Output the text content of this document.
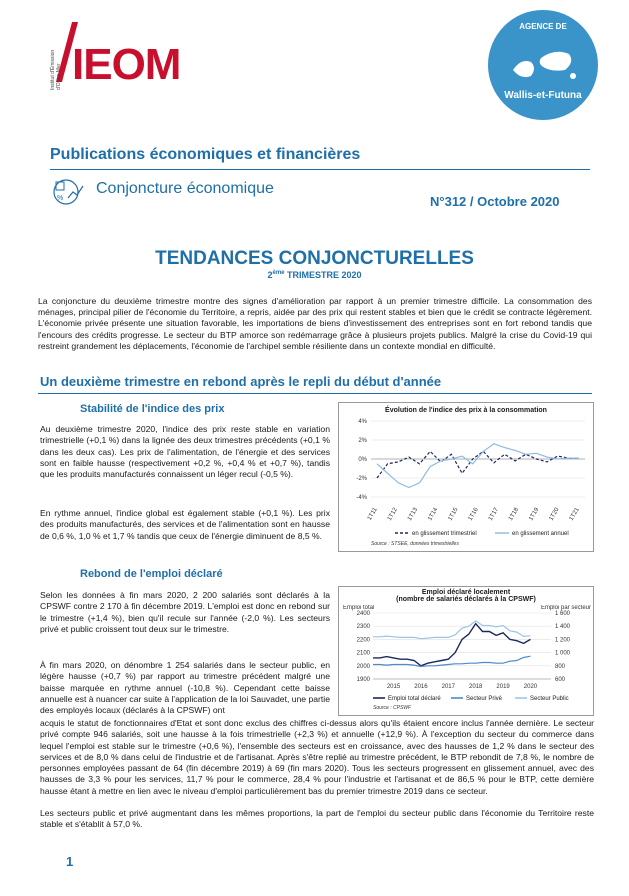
Institut d'Émission d'Outre-Mer IEOM
AGENCE DE
Wallis-et-Futuna
Publications économiques et financières
%
Conjoncture économique
N°312 / Octobre 2020
TENDANCES CONJONCTURELLES
2ème TRIMESTRE 2020
La conjoncture du deuxième trimestre montre des signes d'amélioration par rapport à un premier trimestre difficile. La consommation des ménages, principal pilier de l'économie du Territoire, a repris, aidée par des prix qui restent stables et bien que le crédit se contracte légèrement. L'économie privée présente une situation favorable, les importations de biens d'investissement des entreprises sont en fort rebond tandis que l'encours des crédits progresse. Le secteur du BTP amorce son redémarrage grâce à plusieurs projets publics. Malgré la crise du Covid-19 qui restreint grandement les déplacements, l'économie de l'archipel semble résiliente dans un contexte mondial en difficulté.
Un deuxième trimestre en rebond après le repli du début d'année
Stabilité de l'indice des prix
Au deuxième trimestre 2020, l'indice des prix reste stable en variation trimestrielle (+0,1 %) dans la lignée des deux trimestres précédents (+0,1 % dans les deux cas). Les prix de l'alimentation, de l'énergie et des services sont en faible hausse (respectivement +0,2 %, +0,4 % et +0,7 %), tandis que les produits manufacturés connaissent un léger recul (-0,5 %).
En rythme annuel, l'indice global est également stable (+0,1 %). Les prix des produits manufacturés, des services et de l'alimentation sont en hausse de 0,6 %, 1,0 % et 1,7 % tandis que ceux de l'énergie diminuent de 8,5 %.
Rebond de l'emploi déclaré
Selon les données à fin mars 2020, 2 200 salariés sont déclarés à la CPSWF contre 2 170 à fin décembre 2019. L'emploi est donc en rebond sur le trimestre (+1,4 %), bien qu'il recule sur l'année (-2,0 %). Les secteurs privé et public croissent tout deux sur le trimestre.
À fin mars 2020, on dénombre 1 254 salariés dans le secteur public, en légère hausse (+0,7 %) par rapport au trimestre précédent malgré une baisse marquée en rythme annuel (-10,8 %). Cependant cette baisse annuelle est à nuancer car suite à l'application de la loi Sauvadet, une partie des employés locaux (déclarés à la CPSWF) ont
acquis le statut de fonctionnaires d'Etat et sont donc exclus des chiffres ci-dessus alors qu'ils étaient encore inclus l'année dernière. Le secteur privé compte 946 salariés, soit une hausse à la fois trimestrielle (+2,3 %) et annuelle (+12,9 %). À l'exception du secteur du commerce dans lequel l'emploi est stable sur le trimestre (+0,6 %), l'ensemble des secteurs est en croissance, avec des hausses de 1,2 % dans le secteur des services et de 8,0 % dans celui de l'industrie et de l'artisanat. Après s'être replié au trimestre précédent, le BTP rebondit de 7,8 %, le nombre de personnes employées passant de 64 (fin décembre 2019) à 69 (fin mars 2020). Tous les secteurs progressent en glissement annuel, avec des hausses de 3,3 % pour les services, 11,7 % pour le commerce, 28,4 % pour l'industrie et l'artisanat et de 86,5 % pour le BTP, cette dernière hausse étant à mettre en lien avec le niveau d'emploi particulièrement bas du premier trimestre 2019 dans ce secteur.
Les secteurs public et privé augmentant dans les mêmes proportions, la part de l'emploi du secteur public dans l'économie du Territoire reste stable et s'établit à 57,0 %.
1
Évolution de l'indice des prix à la consommation
4%
2%
0%
-2%
-4%
1T11 1T12 1T13 1T14 1T15 1T16 1T17 1T18 1T19 1T20 1T21
en glissement trimestriel	en glissement annuel
Source : STSEE, données trimestrielles
Emploi déclaré localement
(nombre de salariés déclarés à la CPSWF)
Emploi total	Emploi par secteur
2400
2300
2200
2100
2000
1900
1 600
1 400
1 200
1 000
800
600
2015 2016 2017 2018 2019 2020
Emploi total déclaré	Secteur Privé	Secteur Public
Source : CPSWF
